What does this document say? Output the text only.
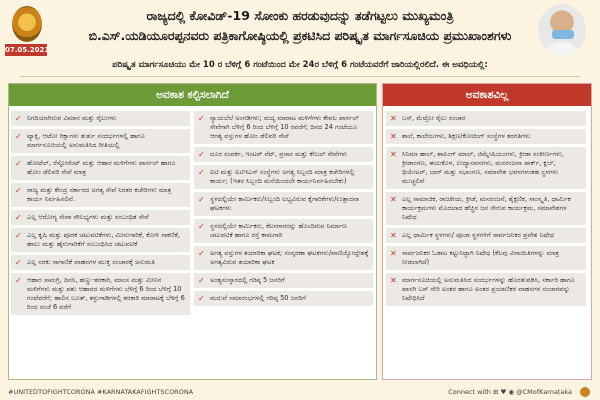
07.05.2021
ರಾಜ್ಯದಲ್ಲಿ ಕೋವಿಡ್-19 ಸೋಂಕು ಹರಡುವುದನ್ನು ತಡೆಗಟ್ಟಲು ಮುಖ್ಯಮಂತ್ರಿ
ಬಿ.ಎಸ್.ಯಡಿಯೂರಪ್ಪನವರು ಪತ್ರಿಕಾಗೋಷ್ಠಿಯಲ್ಲಿ ಪ್ರಕಟಿಸಿದ ಪರಿಷ್ಕೃತ ಮಾರ್ಗಸೂಚಿಯ ಪ್ರಮುಖಾಂಶಗಳು
ಪರಿಷ್ಕೃತ ಮಾರ್ಗಸೂಚಿಯು ಮೇ 10 ರ ಬೆಳಿಗ್ಗೆ 6 ಗಂಟೆಯಿಂದ ಮೇ 24ರ ಬೆಳಿಗ್ಗೆ 6 ಗಂಟೆಯವರೆಗೆ ಜಾರಿಯಲ್ಲಿರಲಿದೆ. ಈ ಅವಧಿಯಲ್ಲಿ:
ಅವಕಾಶ ಕಲ್ಪಿಸಲಾಗಿದೆ
✓ ನಿಗದಿಯಾಗಿರುವ ವಿಮಾನ ಮತ್ತು ರೈಲುಗಳು
✓ ಟ್ಯಾಕ್ಸಿ, ಆಟೋ ರಿಕ್ಷಾಗಳು ತುರ್ತು ಸಂದರ್ಭಗಳಲ್ಲಿ ಹಾಗೂ ಮಾರ್ಗಸೂಚಿಯಲ್ಲಿ ಅನುಮತಿಸಿದ ರೀತಿಯಲ್ಲಿ
✓ ಹೋಟೆಲ್, ರೆಸ್ಟೋರೆಂಟ್ ಮತ್ತು ಆಹಾರ ಮಳಿಗೆಗಳು ಪಾರ್ಸಲ್ ಹಾಗೂ ಹೋಂ ಡೆಲಿವರಿ ಸೇವೆ ಮಾತ್ರ
✓ ರಾಜ್ಯ ಮತ್ತು ಕೇಂದ್ರ ಸರ್ಕಾರದ ಅಗತ್ಯ ಸೇವೆ ನಿರತರ ಕಚೇರಿಗಳು ಮಾತ್ರ ಕಾರ್ಯ ನಿರ್ವಹಿಸಲಿವೆ.
✓ ಎಲ್ಲ ಆರೋಗ್ಯ ಸೇವಾ ಸೌಲಭ್ಯಗಳು ಮತ್ತು ಸಂಬಂಧಿತ ಸೇವೆ
✓ ಎಲ್ಲ ಕೃಷಿ ಮತ್ತು ಪೂರಕ ಚಟುವಟಿಕೆಗಳು, ಮೀನುಗಾರಿಕೆ, ಕೋಳಿ ಸಾಕಣಿಕೆ, ಹಾಲು ಮತ್ತು ಹೈನುಗಾರಿಕೆಗೆ ಸಂಬಂಧಿಸಿದ ಚಟುವಟಿಕೆ
✓ ಎಲ್ಲ ಸರಕು ಸಾಗಾಣಿಕೆ ವಾಹನಗಳ ಮುಕ್ತ ಸಂಚಾರಕ್ಕೆ ಅನುಮತಿ
✓ ಆಹಾರ ಸಾಮಗ್ರಿ, ದಿನಸಿ, ಹಣ್ಣು-ತರಕಾರಿ, ಮಾಂಸ ಮತ್ತು ಮೀನಿನ ಮಳಿಗೆಗಳು ಮತ್ತು ಪಶು ಆಹಾರದ ಮಳಿಗೆಗಳು ಬೆಳಿಗ್ಗೆ 6 ರಿಂದ ಬೆಳಿಗ್ಗೆ 10 ಗಂಟೆವರೆಗೆ; ಹಾಲಿನ ಬೂತ್, ತಳ್ಳುಗಾಡಿಗಳಲ್ಲಿ ತರಕಾರಿ ಮಾರಾಟಕ್ಕೆ ಬೆಳಿಗ್ಗೆ 6 ರಿಂದ ಸಂಜೆ 6 ವರೆಗೆ
✓ ನ್ಯಾಯಬೆಲೆ ಅಂಗಡಿಗಳು; ಮದ್ಯ ಮಾರಾಟ ಮಳಿಗೆಗಳು ಕೇವಲ ಪಾರ್ಸಲ್ ಸೇವೆಗಾಗಿ ಬೆಳಿಗ್ಗೆ 6 ರಿಂದ ಬೆಳಿಗ್ಗೆ 10 ರವರೆಗೆ; ದಿನದ 24 ಗಂಟೆಯೂ ಆಗತ್ಯ ವಸ್ತುಗಳ ಹೋಂ ಡೆಲಿವರಿ ಸೇವೆ
✓ ದೂರ ಸಂಪರ್ಕ, ಇಂಟರ್ ನೆಟ್, ಪ್ರಸಾರ ಮತ್ತು ಕೇಬಲ್ ಸೇವೆಗಳು
✓ ಐಟಿ ಮತ್ತು ಐಟಿಇಎಸ್ ಸಂಸ್ಥೆಗಳು ಅಗತ್ಯ ಸಿಬ್ಬಂದಿ ಮಾತ್ರ ಕಚೇರಿಗಳಲ್ಲಿ ಕಾರ್ಯ; (ಇತರ ಸಿಬ್ಬಂದಿ ಮನೆಯಿಂದಲೇ ಕಾರ್ಯನಿರ್ವಹಿಸಬೇಕು)
✓ ಸ್ಥಳದಲ್ಲಿಯೇ ಕಾರ್ಮಿಕರು/ಸಿಬ್ಬಂದಿ ಲಭ್ಯವಿರುವ ಕೈಗಾರಿಕೆಗಳು/ಉತ್ಪಾದನಾ ಘಟಕಗಳು
✓ ಸ್ಥಳದಲ್ಲಿಯೇ ಕಾರ್ಮಿಕರು, ಕೆಲಸಗಾರರನ್ನು ಹೊಂದಿರುವ ನಿರ್ಮಾಣ ಚಟುವಟಿಕೆ ಹಾಗೂ ರಸ್ತೆ ಕಾಮಗಾರಿ
✓ ಅಗತ್ಯ ವಸ್ತುಗಳ ತಯಾರಿಕಾ ಘಟಕ; ಸಂಸ್ಕರಣಾ ಘಟಕಗಳು/ವಾಣಿಜ್ಯೋದ್ದೇಶಕ್ಕೆ ಅಗತ್ಯವಿರುವ ತಯಾರಿಕಾ ಘಟಕ
✓ ಅಂತ್ಯಸಂಸ್ಕಾರದಲ್ಲಿ ಗರಿಷ್ಠ 5 ಜನರಿಗೆ
✓ ಮದುವೆ ಸಮಾರಂಭಗಳಲ್ಲಿ ಗರಿಷ್ಠ 50 ಜನರಿಗೆ
ಅವಕಾಶವಿಲ್ಲ
✕ ಬಸ್, ಮೆಟ್ರೋ ರೈಲು ಸಂಚಾರ
✕ ಶಾಲೆ, ಕಾಲೇಜುಗಳು, ಶಿಕ್ಷಣ/ಕೋಚಿಂಗ್ ಸಂಸ್ಥೆಗಳ ತರಗತಿಗಳು
✕ ಸಿನಿಮಾ ಹಾಲ್, ಶಾಪಿಂಗ್ ಮಾಲ್, ಜಿಮ್ನೇಷಿಯಂಗಳು, ಕ್ರೀಡಾ ಸಂಕೀರ್ಣಗಳು, ಕ್ರೀಡಾಂಗಣ, ಈಜುಕೊಳ, ಉದ್ಯಾನವನಗಳು, ಮನರಂಜನಾ ಪಾರ್ಕ್, ಕ್ಲಬ್, ಥಿಯೇಟರ್, ಬಾರ್ ಮತ್ತು ಸಭಾಂಗಣ, ಸಮಾವೇಶ ಭವನಗಳಂತಹ ಸ್ಥಳಗಳು ಮುಚ್ಚಲಿವೆ
✕ ಎಲ್ಲ ಸಾಮಾಜಿಕ, ರಾಜಕೀಯ, ಕ್ರೀಡೆ, ಮನರಂಜನೆ, ಶೈಕ್ಷಣಿಕ, ಸಾಂಸ್ಕೃತಿ, ಧಾರ್ಮಿಕ ಕಾರ್ಯಕ್ರಮಗಳು ಮೊದಲಾದ ಹೆಚ್ಚಿನ ಜನ ಸೇರುವ ಕಾರ್ಯಕ್ರಮ, ಸಮಾವೇಶಗಳ ನಿಷೇಧ
✕ ಎಲ್ಲ ಧಾರ್ಮಿಕ ಸ್ಥಳಗಳು/ ಪೂಜಾ ಸ್ಥಳಗಳಿಗೆ ಸಾರ್ವಜನಿಕರ ಪ್ರವೇಶ ನಿಷೇಧ
✕ ಸಾರ್ವಜನಿಕರ ಓಡಾಟ ಕಟ್ಟುನಿಟ್ಟಾಗಿ ನಿಷೇಧ (ಕೆಲವು ವಿನಾಯಿತಿಗಳನ್ನು ಮಾತ್ರ ನೀಡಲಾಗಿದೆ)
✕ ಮಾರ್ಗಸೂಚಿಯಲ್ಲಿ ಅನುಮತಿಸಿದ ಸಂದರ್ಭಗಳನ್ನು ಹೊರತುಪಡಿಸಿ, ಸರ್ಕಾರಿ ಹಾಗೂ ಖಾಸಗಿ ಬಸ್ ಸೇರಿ ಅಂತರ ಹಾಗೂ ಅಂತರ ಪ್ರಯಾಣಿಕರ ವಾಹನಗಳ ಸಂಚಾರವನ್ನು ನಿಷೇಧಿಸಿದೆ
#UNITEDTOFIGHTCORONA #KARNATAKAFIGHTSCORONA	Connect with ⊞ ♥ ◉ @CMofKarnataka
